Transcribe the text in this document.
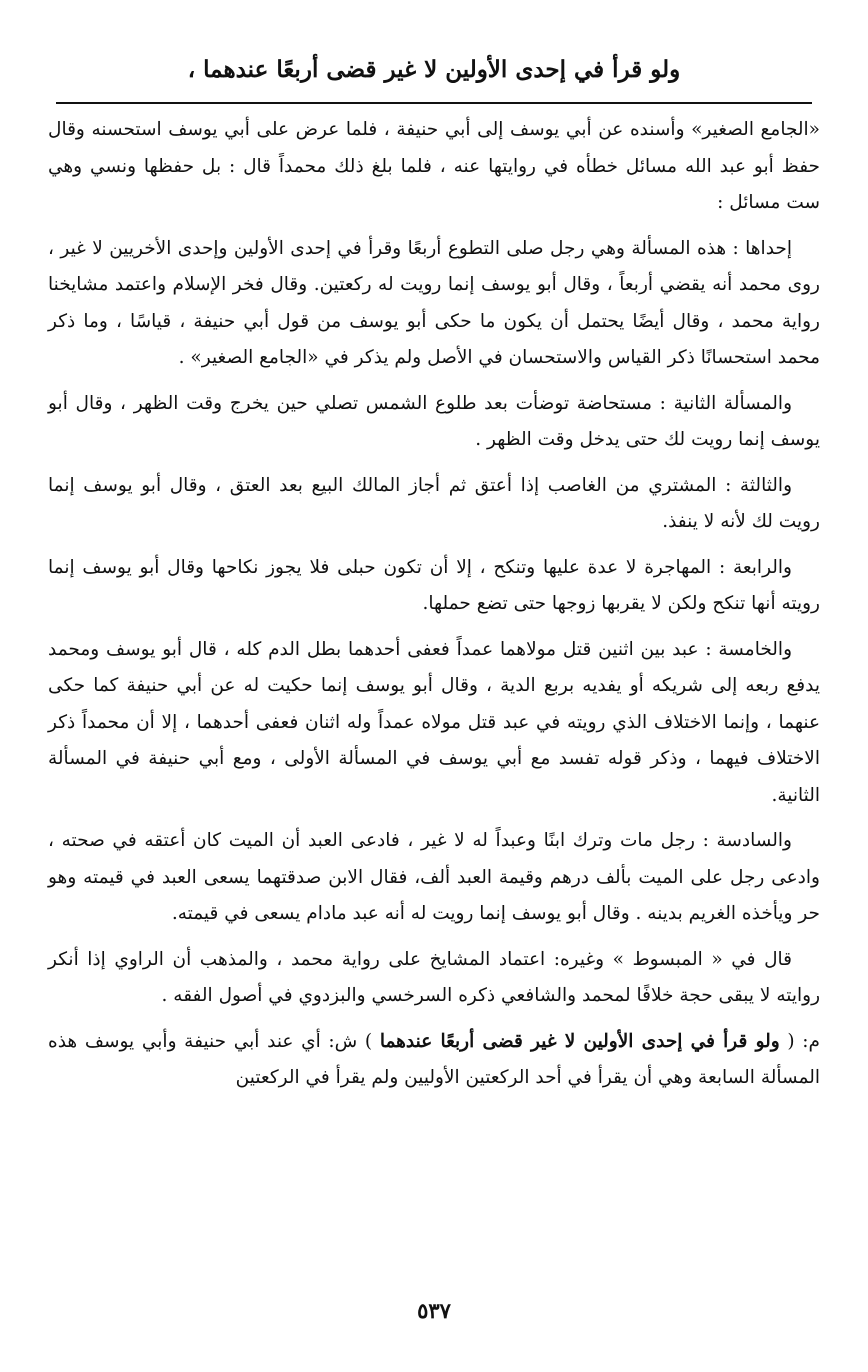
ولو قرأ في إحدى الأولين لا غير قضى أربعًا عندهما ،

«الجامع الصغير» وأسنده عن أبي يوسف إلى أبي حنيفة ، فلما عرض على أبي يوسف استحسنه وقال حفظ أبو عبد الله مسائل خطأه في روايتها عنه ، فلما بلغ ذلك محمداً قال : بل حفظها ونسي وهي ست مسائل :

إحداها : هذه المسألة وهي رجل صلى التطوع أربعًا وقرأ في إحدى الأولين وإحدى الأخريين لا غير ، روى محمد أنه يقضي أربعاً ، وقال أبو يوسف إنما رويت له ركعتين. وقال فخر الإسلام واعتمد مشايخنا رواية محمد ، وقال أيضًا يحتمل أن يكون ما حكى أبو يوسف من قول أبي حنيفة ، قياسًا ، وما ذكر محمد استحسانًا ذكر القياس والاستحسان في الأصل ولم يذكر في «الجامع الصغير» .

والمسألة الثانية : مستحاضة توضأت بعد طلوع الشمس تصلي حين يخرج وقت الظهر ، وقال أبو يوسف إنما رويت لك حتى يدخل وقت الظهر .

والثالثة : المشتري من الغاصب إذا أعتق ثم أجاز المالك البيع بعد العتق ، وقال أبو يوسف إنما رويت لك لأنه لا ينفذ.

والرابعة : المهاجرة لا عدة عليها وتنكح ، إلا أن تكون حبلى فلا يجوز نكاحها وقال أبو يوسف إنما رويته أنها تنكح ولكن لا يقربها زوجها حتى تضع حملها.

والخامسة : عبد بين اثنين قتل مولاهما عمداً فعفى أحدهما بطل الدم كله ، قال أبو يوسف ومحمد يدفع ربعه إلى شريكه أو يفديه بربع الدية ، وقال أبو يوسف إنما حكيت له عن أبي حنيفة كما حكى عنهما ، وإنما الاختلاف الذي رويته في عبد قتل مولاه عمداً وله اثنان فعفى أحدهما ، إلا أن محمداً ذكر الاختلاف فيهما ، وذكر قوله تفسد مع أبي يوسف في المسألة الأولى ، ومع أبي حنيفة في المسألة الثانية.

والسادسة : رجل مات وترك ابنًا وعبداً له لا غير ، فادعى العبد أن الميت كان أعتقه في صحته ، وادعى رجل على الميت بألف درهم وقيمة العبد ألف، فقال الابن صدقتهما يسعى العبد في قيمته وهو حر ويأخذه الغريم بدينه . وقال أبو يوسف إنما رويت له أنه عبد مادام يسعى في قيمته.

قال في « المبسوط » وغيره: اعتماد المشايخ على رواية محمد ، والمذهب أن الراوي إذا أنكر روايته لا يبقى حجة خلافًا لمحمد والشافعي ذكره السرخسي والبزدوي في أصول الفقه .

م: ( ولو قرأ في إحدى الأولين لا غير قضى أربعًا عندهما ) ش: أي عند أبي حنيفة وأبي يوسف هذه المسألة السابعة وهي أن يقرأ في أحد الركعتين الأوليين ولم يقرأ في الركعتين

٥٣٧
